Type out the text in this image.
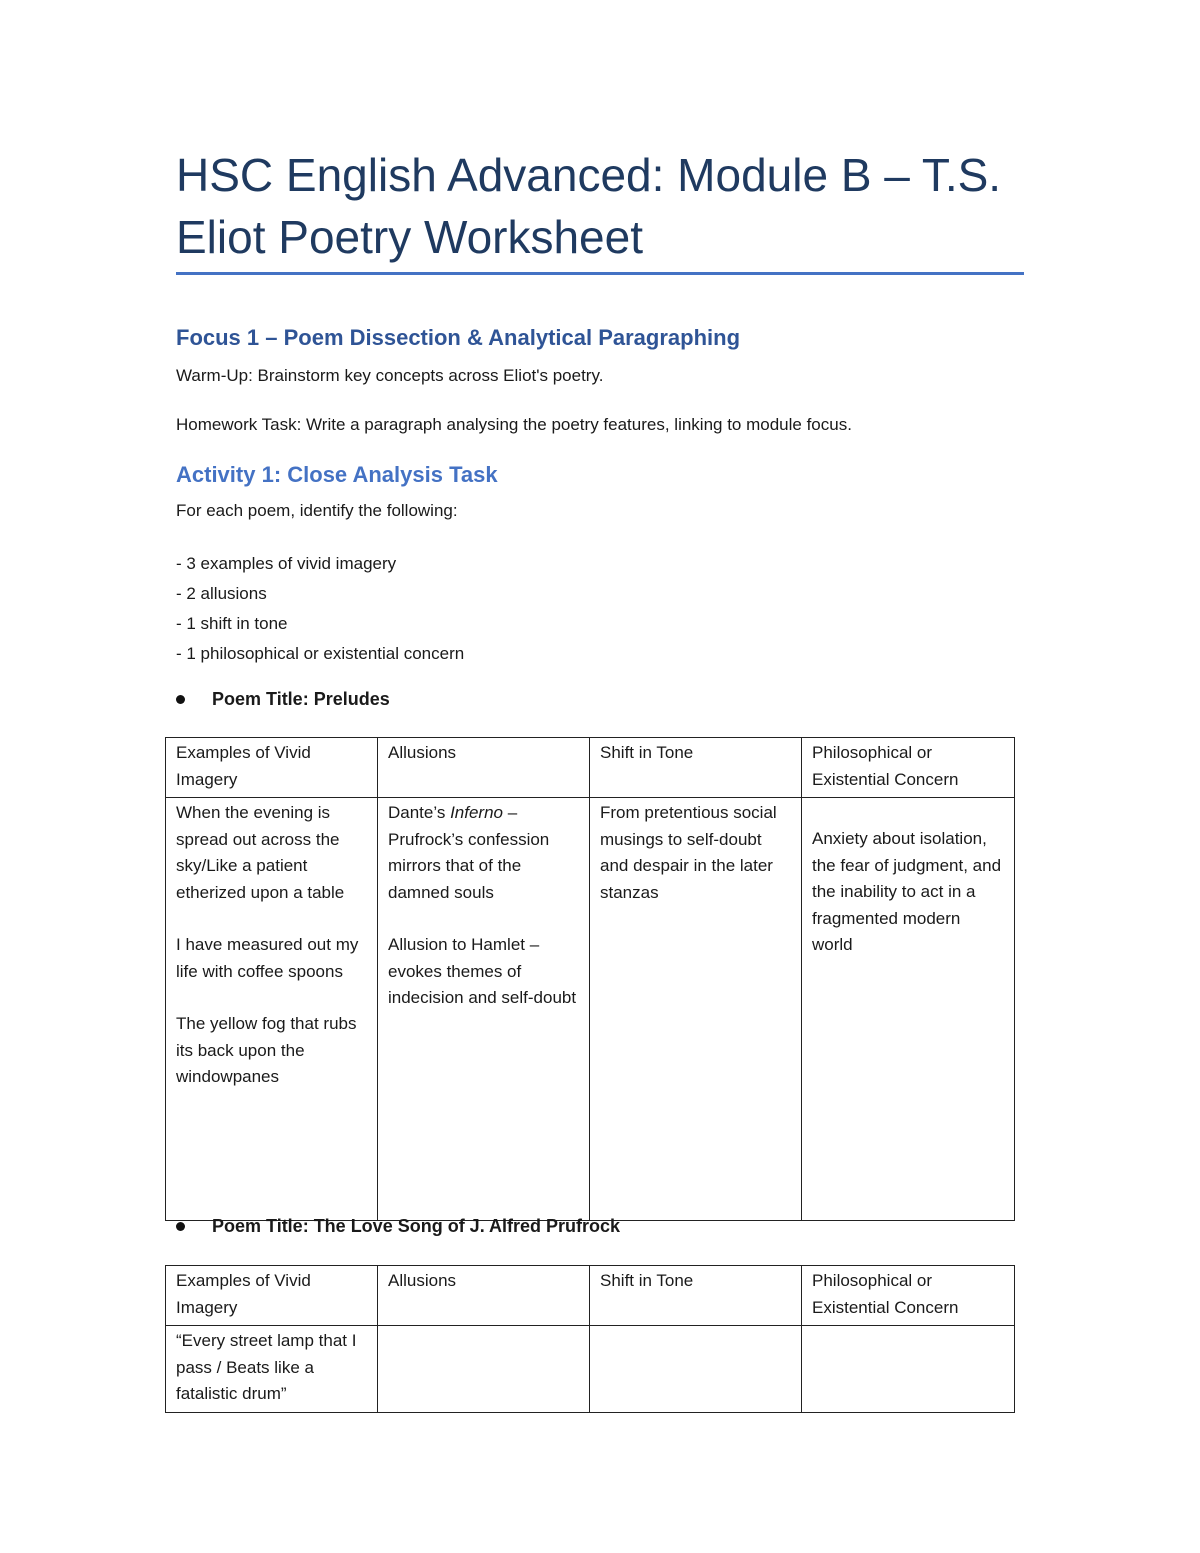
HSC English Advanced: Module B – T.S. Eliot Poetry Worksheet
Focus 1 – Poem Dissection & Analytical Paragraphing

Warm-Up: Brainstorm key concepts across Eliot's poetry.

Homework Task: Write a paragraph analysing the poetry features, linking to module focus.

Activity 1: Close Analysis Task

For each poem, identify the following:

- 3 examples of vivid imagery
- 2 allusions
- 1 shift in tone
- 1 philosophical or existential concern
Poem Title: Preludes
Examples of Vivid Imagery	Allusions	Shift in Tone	Philosophical or Existential Concern

When the evening is spread out across the sky/Like a patient etherized upon a table
I have measured out my life with coffee spoons
The yellow fog that rubs its back upon the windowpanes	Dante’s Inferno – Prufrock’s confession mirrors that of the damned souls
Allusion to Hamlet – evokes themes of indecision and self-doubt	From pretentious social musings to self-doubt and despair in the later stanzas	Anxiety about isolation, the fear of judgment, and the inability to act in a fragmented modern world
Poem Title: The Love Song of J. Alfred Prufrock
Examples of Vivid Imagery	Allusions	Shift in Tone	Philosophical or Existential Concern
“Every street lamp that I pass / Beats like a fatalistic drum”			
